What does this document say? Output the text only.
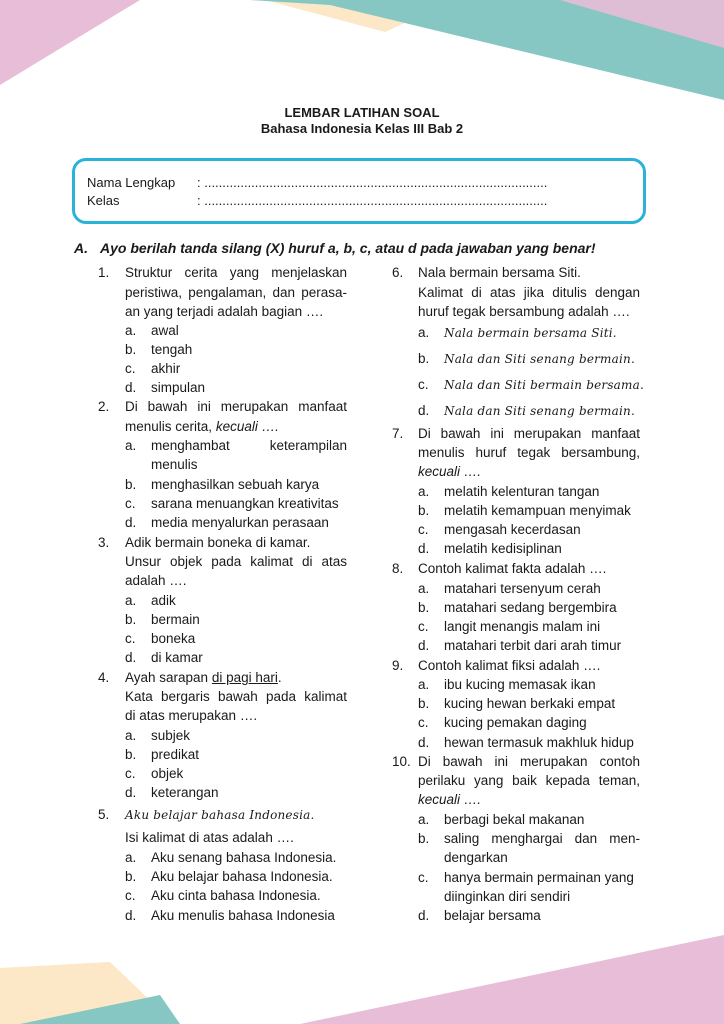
LEMBAR LATIHAN SOAL
Bahasa Indonesia Kelas III Bab 2
Nama Lengkap : ...............................................................................................
Kelas	: ...............................................................................................
A. Ayo berilah tanda silang (X) huruf a, b, c, atau d pada jawaban yang benar!
1. Struktur cerita yang menjelaskan
peristiwa, pengalaman, dan perasa-
an yang terjadi adalah bagian ….
a. awal
b. tengah
c. akhir
d. simpulan
2. Di bawah ini merupakan manfaat
menulis cerita, kecuali ….
a. menghambat keterampilan
menulis
b. menghasilkan sebuah karya
c. sarana menuangkan kreativitas
d. media menyalurkan perasaan
3. Adik bermain boneka di kamar.
Unsur objek pada kalimat di atas
adalah ….
a. adik
b. bermain
c. boneka
d. di kamar
4. Ayah sarapan di pagi hari.
Kata bergaris bawah pada kalimat
di atas merupakan ….
a. subjek
b. predikat
c. objek
d. keterangan
5. Aku belajar bahasa Indonesia.
Isi kalimat di atas adalah ….
a. Aku senang bahasa Indonesia.
b. Aku belajar bahasa Indonesia.
c. Aku cinta bahasa Indonesia.
d. Aku menulis bahasa Indonesia
6. Nala bermain bersama Siti.
Kalimat di atas jika ditulis dengan
huruf tegak bersambung adalah ….
a. Nala bermain bersama Siti.
b. Nala dan Siti senang bermain.
c. Nala dan Siti bermain bersama.
d. Nala dan Siti senang bermain.
7. Di bawah ini merupakan manfaat
menulis huruf tegak bersambung,
kecuali ….
a. melatih kelenturan tangan
b. melatih kemampuan menyimak
c. mengasah kecerdasan
d. melatih kedisiplinan
8. Contoh kalimat fakta adalah ….
a. matahari tersenyum cerah
b. matahari sedang bergembira
c. langit menangis malam ini
d. matahari terbit dari arah timur
9. Contoh kalimat fiksi adalah ….
a. ibu kucing memasak ikan
b. kucing hewan berkaki empat
c. kucing pemakan daging
d. hewan termasuk makhluk hidup
10. Di bawah ini merupakan contoh
perilaku yang baik kepada teman,
kecuali ….
a. berbagi bekal makanan
b. saling menghargai dan men-
dengarkan
c. hanya bermain permainan yang
diinginkan diri sendiri
d. belajar bersama
